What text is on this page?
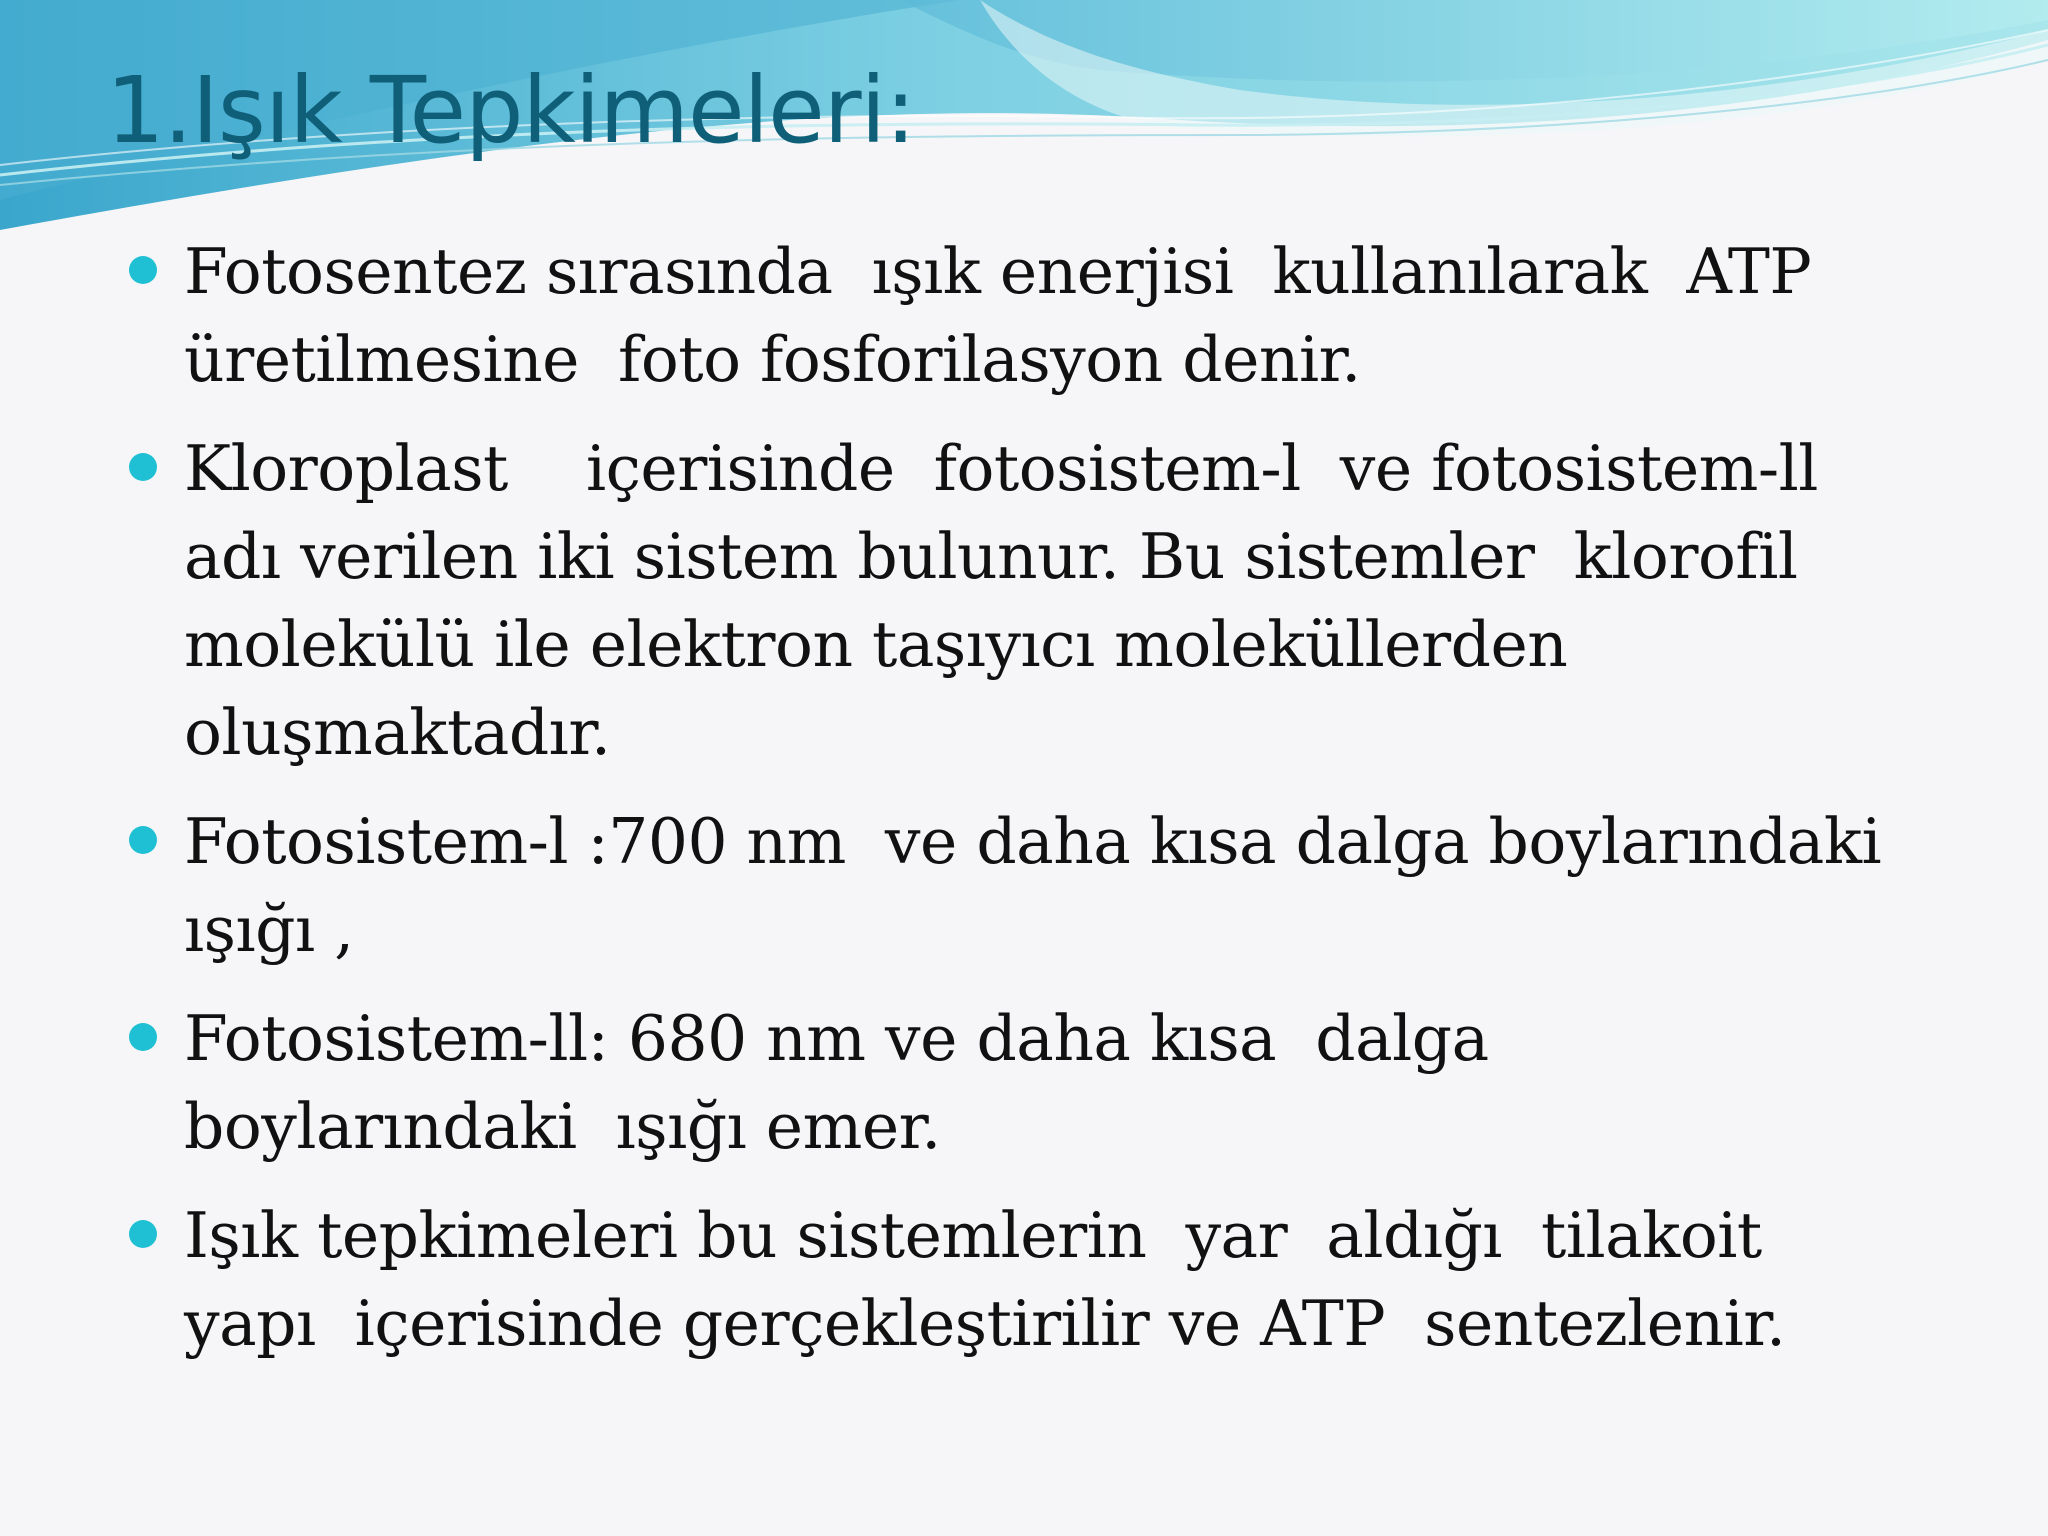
1.Işık Tepkimeleri:
Fotosentez sırasında  ışık enerjisi  kullanılarak  ATP
üretilmesine  foto fosforilasyon denir.
Kloroplast    içerisinde  fotosistem-l  ve fotosistem-ll
adı verilen iki sistem bulunur. Bu sistemler  klorofil
molekülü ile elektron taşıyıcı moleküllerden
oluşmaktadır.
Fotosistem-l :700 nm  ve daha kısa dalga boylarındaki
ışığı ,
Fotosistem-ll: 680 nm ve daha kısa  dalga
boylarındaki  ışığı emer.
Işık tepkimeleri bu sistemlerin  yar  aldığı  tilakoit
yapı  içerisinde gerçekleştirilir ve ATP  sentezlenir.
